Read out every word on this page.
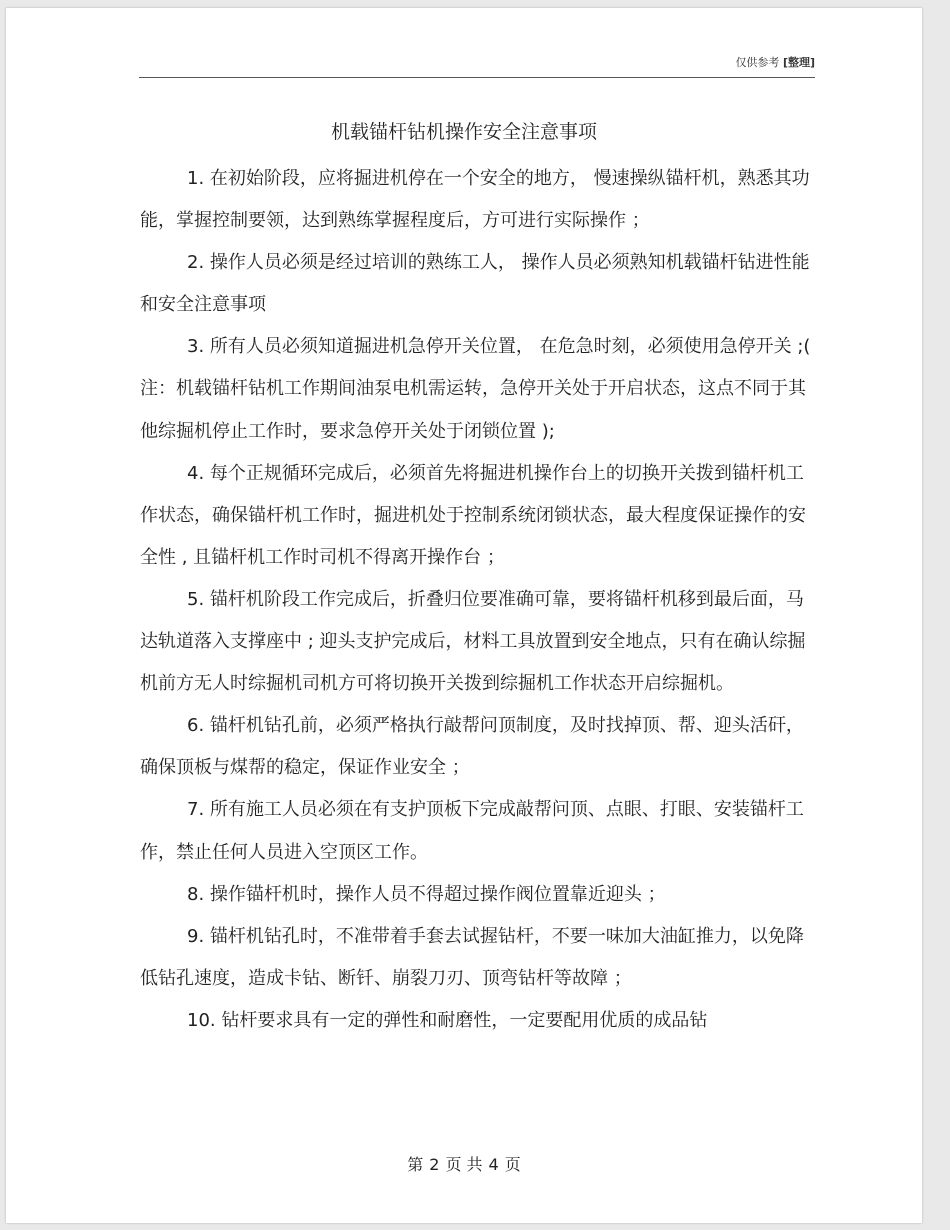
仅供参考 [整理]
机载锚杆钻机操作安全注意事项

1. 在初始阶段，应将掘进机停在一个安全的地方， 慢速操纵锚杆机，熟悉其功能，掌握控制要领，达到熟练掌握程度后，方可进行实际操作 ；

2. 操作人员必须是经过培训的熟练工人， 操作人员必须熟知机载锚杆钻进性能和安全注意事项

3. 所有人员必须知道掘进机急停开关位置， 在危急时刻，必须使用急停开关 ;( 注：机载锚杆钻机工作期间油泵电机需运转，急停开关处于开启状态，这点不同于其他综掘机停止工作时，要求急停开关处于闭锁位置 );

4. 每个正规循环完成后，必须首先将掘进机操作台上的切换开关拨到锚杆机工作状态，确保锚杆机工作时，掘进机处于控制系统闭锁状态，最大程度保证操作的安全性 , 且锚杆机工作时司机不得离开操作台 ；

5. 锚杆机阶段工作完成后，折叠归位要准确可靠，要将锚杆机移到最后面，马达轨道落入支撑座中 ; 迎头支护完成后，材料工具放置到安全地点，只有在确认综掘机前方无人时综掘机司机方可将切换开关拨到综掘机工作状态开启综掘机。

6. 锚杆机钻孔前，必须严格执行敲帮问顶制度，及时找掉顶、帮、迎头活矸，确保顶板与煤帮的稳定，保证作业安全 ；

7. 所有施工人员必须在有支护顶板下完成敲帮问顶、点眼、打眼、安装锚杆工作，禁止任何人员进入空顶区工作。

8. 操作锚杆机时，操作人员不得超过操作阀位置靠近迎头 ；

9. 锚杆机钻孔时，不准带着手套去试握钻杆，不要一味加大油缸推力，以免降低钻孔速度，造成卡钻、断钎、崩裂刀刃、顶弯钻杆等故障 ；

10. 钻杆要求具有一定的弹性和耐磨性，一定要配用优质的成品钻

第 2 页 共 4 页
